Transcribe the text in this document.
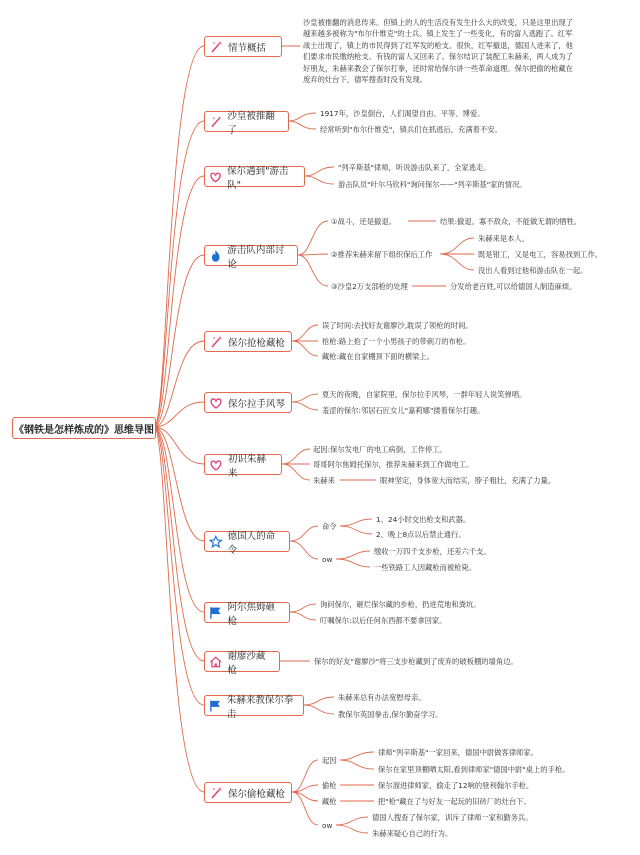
《钢铁是怎样炼成的》思维导图
情节概括
沙皇被推翻的消息传来。但镇上的人的生活没有发生什么大的改变，只是这里出现了越来越多被称为"布尔什维克"的士兵。镇上发生了一些变化，有的富人逃跑了。红军战士出现了，镇上的市民得到了红军发的枪支。很快，红军撤退，德国人进来了，他们要求市民缴纳枪支。有钱的富人又回来了。保尔结识了装配工朱赫来，两人成为了好朋友，朱赫来教会了保尔打拳，还时常给保尔讲一些革命道理。保尔把偷的枪藏在废弃的灶台下，德军搜查时没有发现。
沙皇被推翻了
1917年，沙皇倒台，人们渴望自由、平等、博爱。
经常听到"布尔什维克"，镇兵们在抓逃后，充满着不安。
保尔遇到"游击队"
"列辛斯基"律师，听说游击队来了，全家逃走。
游击队员"叶尔马钦科"询问保尔——"列辛斯基"家的情况。
游击队内部讨论
①战斗，还是撤退。	结果:撤退。寡不敌众，不能做无谓的牺牲。
②推荐朱赫来留下组织保后工作
朱赫来是本人。
既是钳工，又是电工，容易找到工作。
没出人看到过他和游击队在一起。
③沙皇2万支部枪的处理	分发给老百姓,可以给德国人制造麻烦。
保尔抢枪藏枪
误了时间:去找好友谢廖沙,耽误了领枪的时间。
抢枪:路上抢了一个小男孩子的带刺刀的布枪。
藏枪:藏在自家棚顶下面的横梁上。
保尔拉手风琴
夏天的夜晚，自家院里，保尔拉手风琴，一群年轻人说笑弹唱。
羞涩的保尔:邻居石匠女儿"嘉莉娜"搂着保尔打趣。
初识朱赫来
起因:保尔发电厂的电工病倒，工作停工。
哥哥阿尔焦姆托保尔，推荐朱赫来到工作做电工。
朱赫来	眼神坚定，身体宽大而结实，脖子粗壮，充满了力量。
德国人的命令
命令
1、24小时交出枪支和武器。
2、晚上8点以后禁止通行。
ow
缴收一万四千支步枪，还差六千支。
一些铁路工人因藏枪而被枪毙。
阿尔焦姆砸枪
询问保尔，砸烂保尔藏的步枪，扔进荒地和粪坑。
叮嘱保尔:以后任何东西都不要拿回家。
谢廖沙藏枪
保尔的好友"谢廖沙"将三支步枪藏到了废弃的破板棚的墙角边。
朱赫来教保尔拳击
朱赫来总有办法宽慰母亲。
教保尔英国拳击,保尔勤奋学习。
保尔偷枪藏枪
起因
律师"列辛斯基"一家回来，德国中尉做客律师家。
保尔在家里顶棚晒太阳,看到律师家"德国中尉"桌上的手枪。
偷枪	保尔溜进律师家，偷走了12响的登利翰尔手枪。
藏枪	把"枪"藏在了与好友一起玩的旧砖厂的灶台下。
ow
德国人搜查了保尔家，训斥了律师一家和勤务兵。
朱赫来疑心自己的行为。
